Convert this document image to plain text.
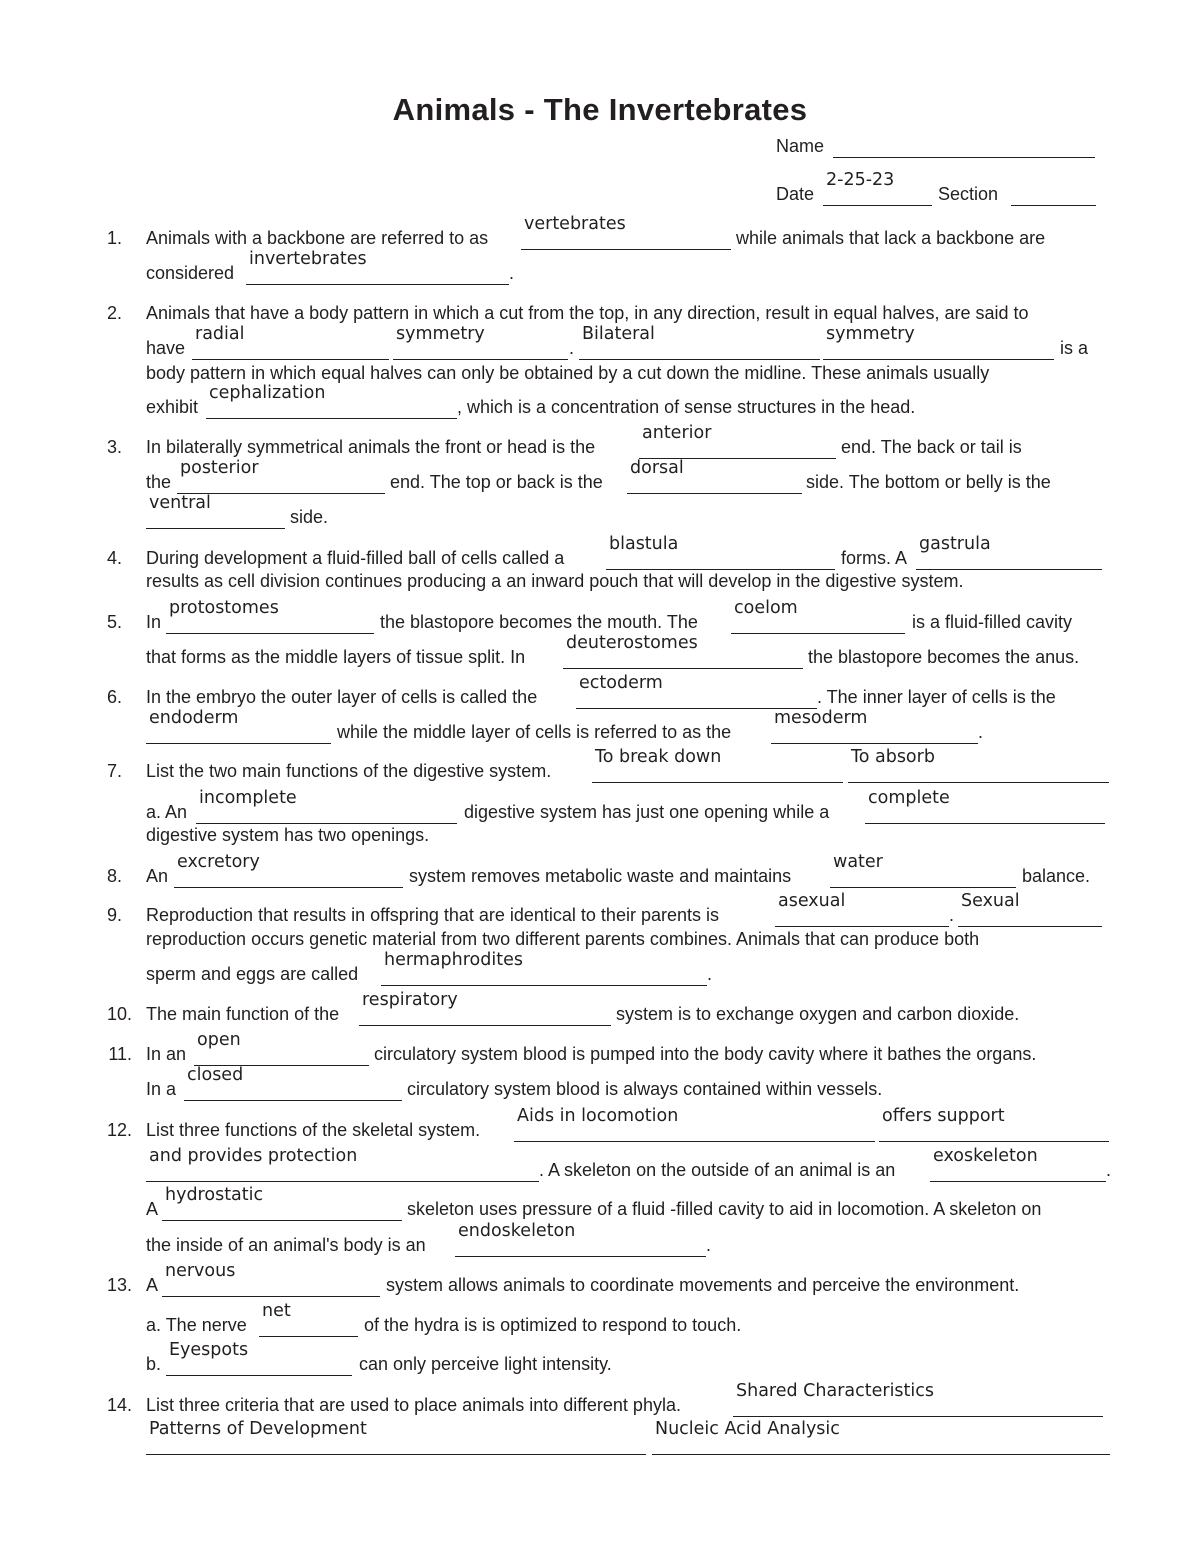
Animals - The Invertebrates
Name
Date
2-25-23
Section
1. Animals with a backbone are referred to as
vertebrates
while animals that lack a backbone are
considered
invertebrates
.
2. Animals that have a body pattern in which a cut from the top, in any direction, result in equal halves, are said to
have
radial	symmetry
.
Bilateral	symmetry
is a
body pattern in which equal halves can only be obtained by a cut down the midline. These animals usually
exhibit
cephalization
, which is a concentration of sense structures in the head.
3. In bilaterally symmetrical animals the front or head is the
anterior
end. The back or tail is
the
posterior
end. The top or back is the
dorsal
side. The bottom or belly is the
ventral
side.
4. During development a fluid-filled ball of cells called a
blastula
forms. A
gastrula
results as cell division continues producing a an inward pouch that will develop in the digestive system.
5. In
protostomes
the blastopore becomes the mouth. The
coelom
is a fluid-filled cavity
that forms as the middle layers of tissue split. In
deuterostomes
the blastopore becomes the anus.
6. In the embryo the outer layer of cells is called the
ectoderm
. The inner layer of cells is the
endoderm
while the middle layer of cells is referred to as the
mesoderm
.
7. List the two main functions of the digestive system.
To break down	To absorb
a. An
incomplete
digestive system has just one opening while a
complete
digestive system has two openings.
8. An
excretory
system removes metabolic waste and maintains
water
balance.
9. Reproduction that results in offspring that are identical to their parents is
asexual
.
Sexual
reproduction occurs genetic material from two different parents combines. Animals that can produce both
sperm and eggs are called
hermaphrodites
.
10. The main function of the
respiratory
system is to exchange oxygen and carbon dioxide.
11. In an
open
circulatory system blood is pumped into the body cavity where it bathes the organs.
In a
closed
circulatory system blood is always contained within vessels.
12. List three functions of the skeletal system.
Aids in locomotion	offers support
and provides protection
. A skeleton on the outside of an animal is an
exoskeleton
.
A
hydrostatic
skeleton uses pressure of a fluid -filled cavity to aid in locomotion. A skeleton on
the inside of an animal's body is an
endoskeleton
.
13. A
nervous
system allows animals to coordinate movements and perceive the environment.
a. The nerve
net
of the hydra is is optimized to respond to touch.
b.
Eyespots
can only perceive light intensity.
14. List three criteria that are used to place animals into different phyla.
Shared Characteristics
Patterns of Development	Nucleic Acid Analysic
